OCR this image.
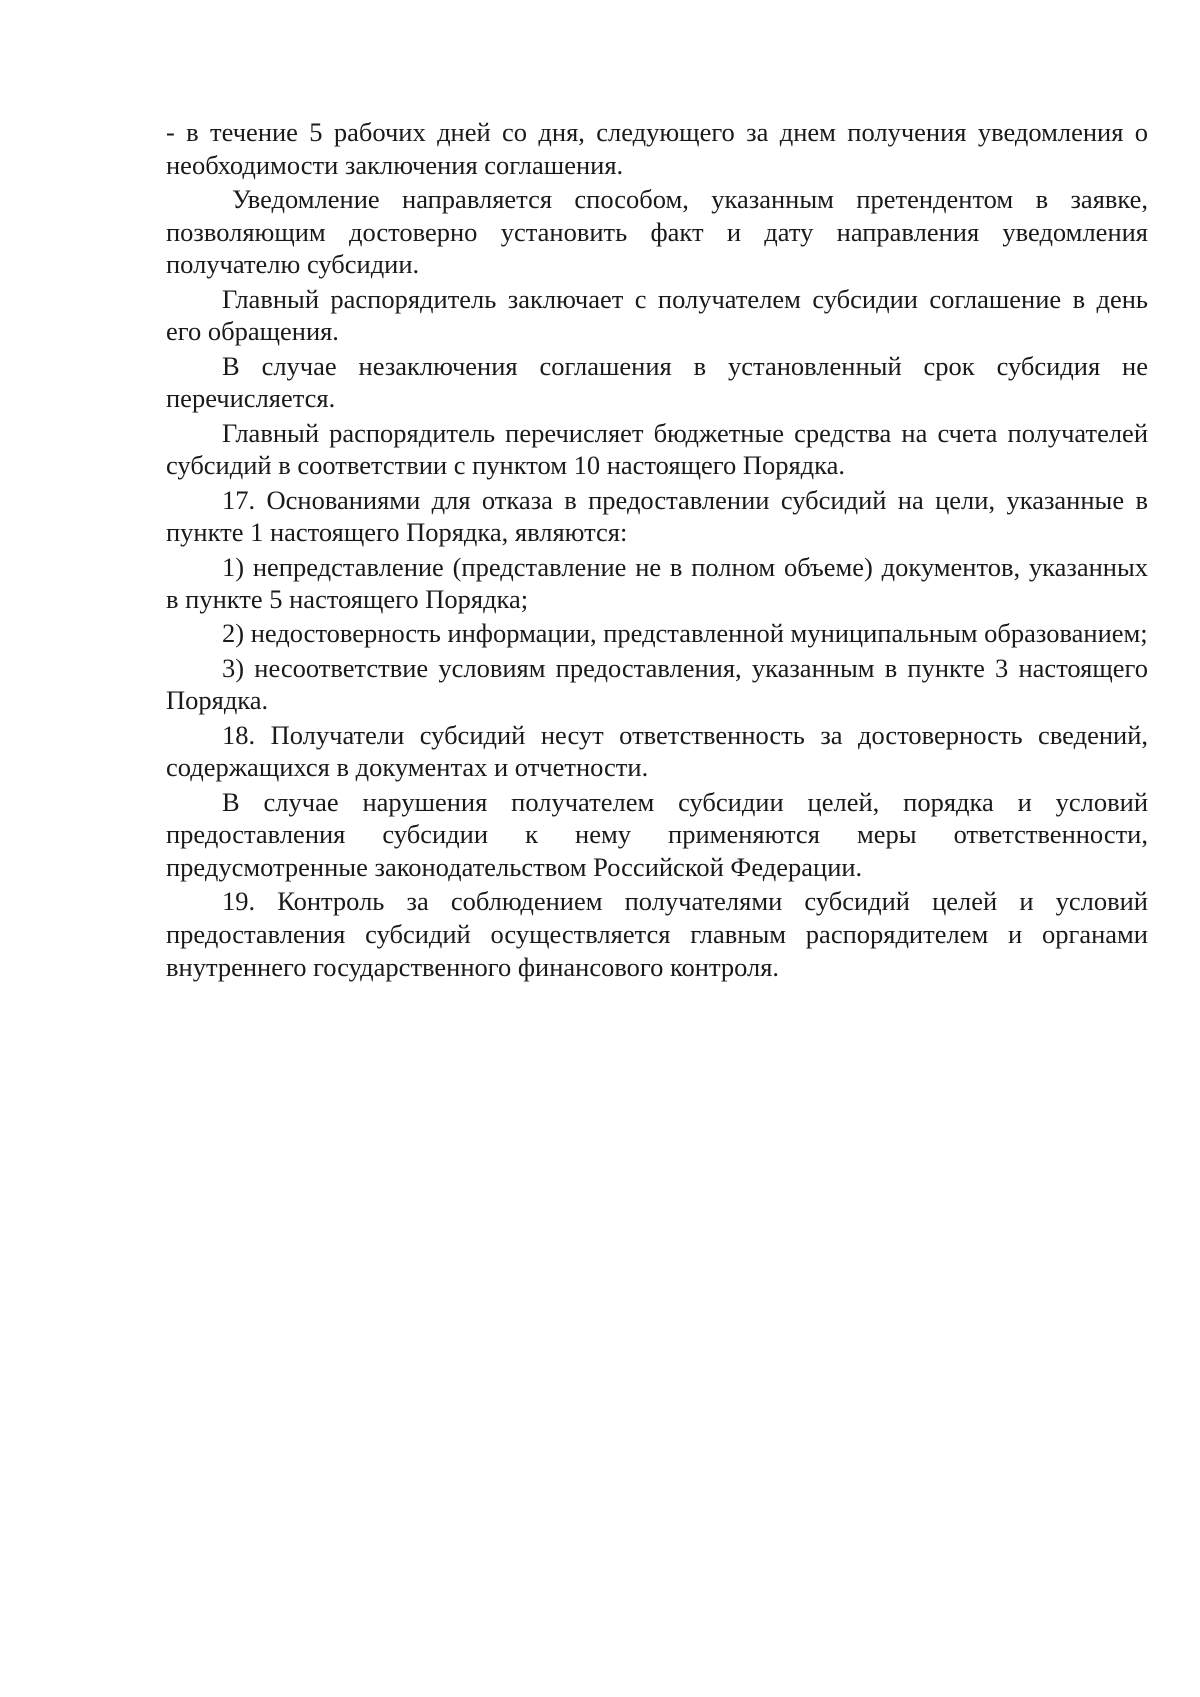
- в течение 5 рабочих дней со дня, следующего за днем получения уведомления о необходимости заключения соглашения.

Уведомление направляется способом, указанным претендентом в заявке, позволяющим достоверно установить факт и дату направления уведомления получателю субсидии.

Главный распорядитель заключает с получателем субсидии соглашение в день его обращения.

В случае незаключения соглашения в установленный срок субсидия не перечисляется.

Главный распорядитель перечисляет бюджетные средства на счета получателей субсидий в соответствии с пунктом 10 настоящего Порядка.

17. Основаниями для отказа в предоставлении субсидий на цели, указанные в пункте 1 настоящего Порядка, являются:

1) непредставление (представление не в полном объеме) документов, указанных в пункте 5 настоящего Порядка;

2) недостоверность информации, представленной муниципальным образованием;

3) несоответствие условиям предоставления, указанным в пункте 3 настоящего Порядка.

18. Получатели субсидий несут ответственность за достоверность сведений, содержащихся в документах и отчетности.

В случае нарушения получателем субсидии целей, порядка и условий предоставления субсидии к нему применяются меры ответственности, предусмотренные законодательством Российской Федерации.

19. Контроль за соблюдением получателями субсидий целей и условий предоставления субсидий осуществляется главным распорядителем и органами внутреннего государственного финансового контроля.
